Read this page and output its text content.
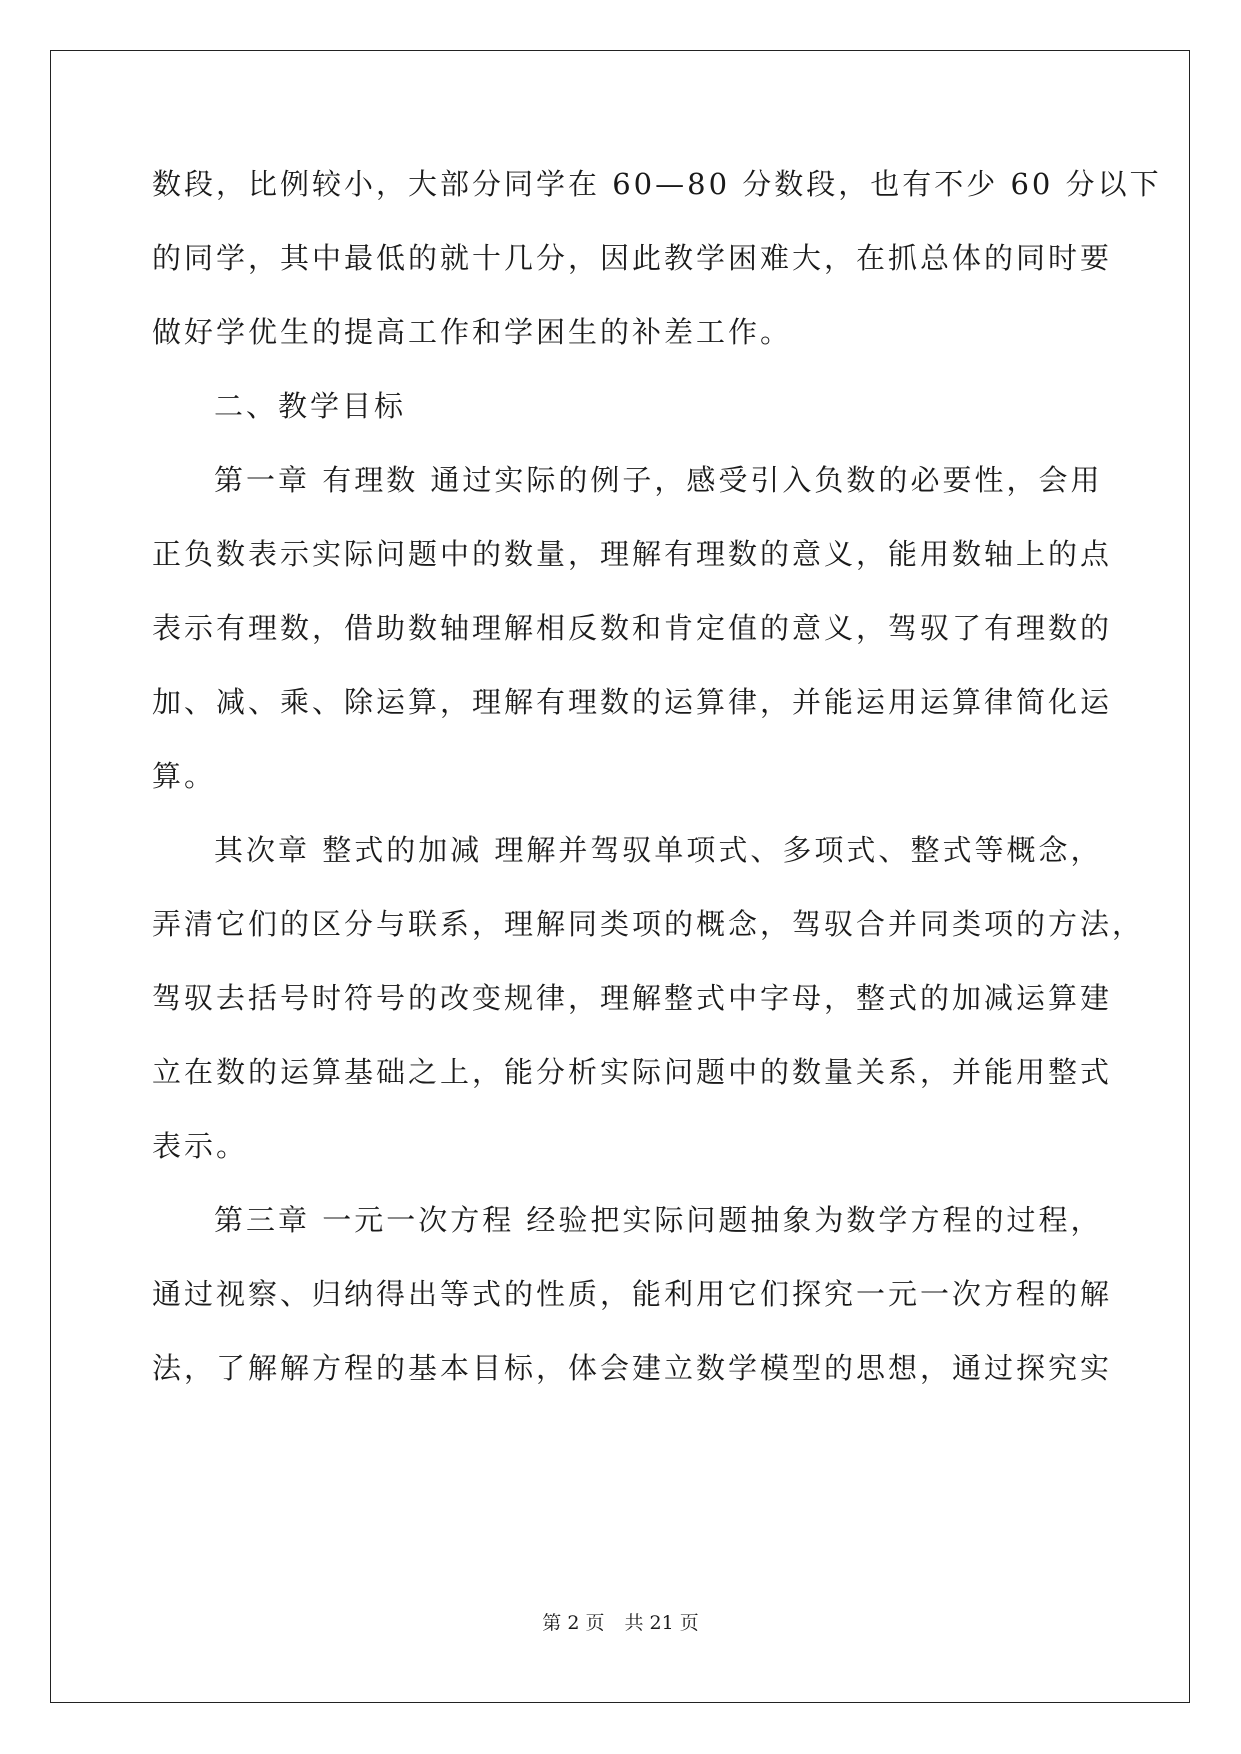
数段，比例较小，大部分同学在 60—80 分数段，也有不少 60 分以下
的同学，其中最低的就十几分，因此教学困难大，在抓总体的同时要
做好学优生的提高工作和学困生的补差工作。
二、教学目标
第一章 有理数 通过实际的例子，感受引入负数的必要性，会用
正负数表示实际问题中的数量，理解有理数的意义，能用数轴上的点
表示有理数，借助数轴理解相反数和肯定值的意义，驾驭了有理数的
加、减、乘、除运算，理解有理数的运算律，并能运用运算律简化运
算。
其次章 整式的加减 理解并驾驭单项式、多项式、整式等概念，
弄清它们的区分与联系，理解同类项的概念，驾驭合并同类项的方法，
驾驭去括号时符号的改变规律，理解整式中字母，整式的加减运算建
立在数的运算基础之上，能分析实际问题中的数量关系，并能用整式
表示。
第三章 一元一次方程 经验把实际问题抽象为数学方程的过程，
通过视察、归纳得出等式的性质，能利用它们探究一元一次方程的解
法，了解解方程的基本目标，体会建立数学模型的思想，通过探究实
第 2 页 共 21 页
